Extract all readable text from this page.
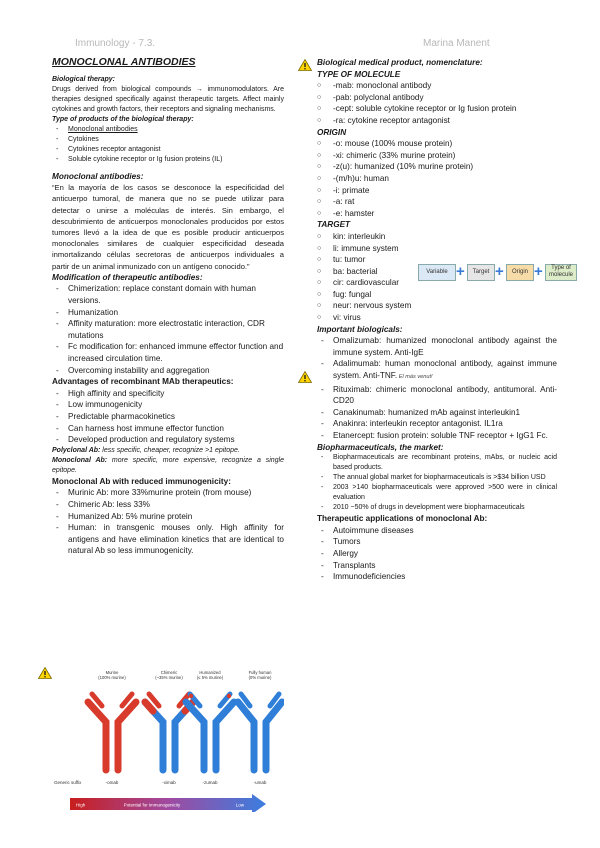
Immunology - 7.3.	Marina Manent
MONOCLONAL ANTIBODIES
Biological therapy:
Drugs derived from biological compounds → immunomodulators. Are therapies designed specifically against therapeutic targets. Affect mainly cytokines and growth factors, their receptors and signaling mechanisms.
Type of products of the biological therapy:
- Monoclonal antibodies
- Cytokines
- Cytokines receptor antagonist
- Soluble cytokine receptor or Ig fusion proteins (IL)
Monoclonal antibodies:
“En la mayoría de los casos se desconoce la especificidad del anticuerpo tumoral, de manera que no se puede utilizar para detectar o unirse a moléculas de interés. Sin embargo, el descubrimiento de anticuerpos monoclonales producidos por estos tumores llevó a la idea de que es posible producir anticuerpos monoclonales similares de cualquier especificidad deseada inmortalizando células secretoras de anticuerpos individuales a partir de un animal inmunizado con un antígeno conocido.”
Modification of therapeutic antibodies:
- Chimerization: replace constant domain with human versions.
- Humanization
- Affinity maturation: more electrostatic interaction, CDR mutations
- Fc modification for: enhanced immune effector function and increased circulation time.
- Overcoming instability and aggregation
Advantages of recombinant MAb therapeutics:
- High affinity and specificity
- Low immunogenicity
- Predictable pharmacokinetics
- Can harness host immune effector function
- Developed production and regulatory systems
Polyclonal Ab: less specific, cheaper, recognize >1 epitope.
Monoclonal Ab: more specific, more expensive, recognize a single epitope.
Monoclonal Ab with reduced immunogenicity:
- Murinic Ab: more 33%murine protein (from mouse)
- Chimeric Ab: less 33%
- Humanized Ab: 5% murine protein
- Human: in transgenic mouses only. High affinity for antigens and have elimination kinetics that are identical to natural Ab so less immunogenicity.
Generic suffix
Murine (100% murine)
-omab
Chimeric (~35% murine)
-ximab
Humanized (≤ 5% murine)
-zumab
Fully human (0% murine)
-umab
High	Potential for immunogenicity	Low
Biological medical product, nomenclature:
TYPE OF MOLECULE
○ -mab: monoclonal antibody
○ -pab: polyclonal antibody
○ -cept: soluble cytokine receptor or Ig fusion protein
○ -ra: cytokine receptor antagonist
ORIGIN
○ -o: mouse (100% mouse protein)
○ -xi: chimeric (33% murine protein)
○ -z(u): humanized (10% murine protein)
○ -(m/h)u: human
○ -i: primate
○ -a: rat
○ -e: hamster
TARGET
○ kin: interleukin
○ li: immune system
○ tu: tumor
○ ba: bacterial
○ cir: cardiovascular
○ fug: fungal
○ neur: nervous system
○ vi: virus
Important biologicals:
- Omalizumab: humanized monoclonal antibody against the immune system. Anti-IgE
- Adalimumab: human monoclonal antibody, against immune system. Anti-TNF. El más venut!
- Rituximab: chimeric monoclonal antibody, antitumoral. Anti-CD20
- Canakinumab: humanized mAb against interleukin1
- Anakinra: interleukin receptor antagonist. IL1ra
- Etanercept: fusion protein: soluble TNF receptor + IgG1 Fc.
Biopharmaceuticals, the market:
- Biopharmaceuticals are recombinant proteins, mAbs, or nucleic acid based products.
- The annual global market for biopharmaceuticals is >$34 billion USD
- 2003 >140 biopharmaceuticals were approved >500 were in clinical evaluation
- 2010 ~50% of drugs in development were biopharmaceuticals
Therapeutic applications of monoclonal Ab:
- Autoimmune diseases
- Tumors
- Allergy
- Transplants
- Immunodeficiencies
Variable +	Target +	Origin +	Type of molecule
